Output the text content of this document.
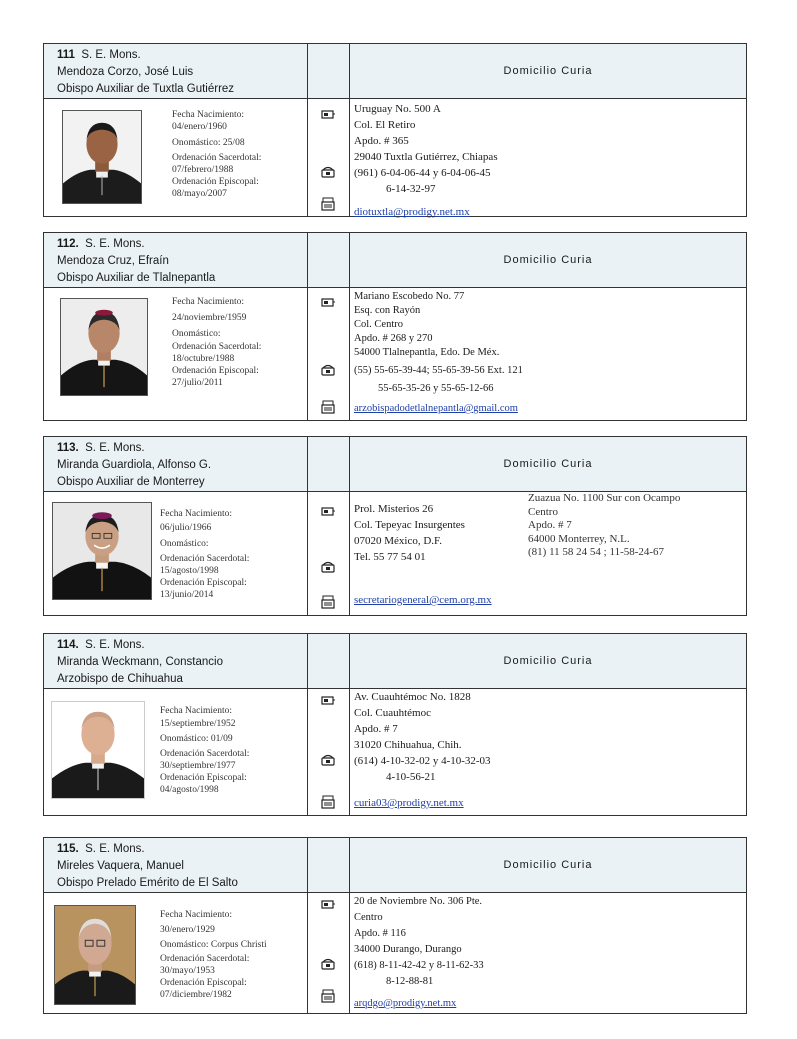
111 S. E. Mons.
Mendoza Corzo, José Luis
Obispo Auxiliar de Tuxtla Gutiérrez
Domicilio Curia
Fecha Nacimiento:
04/enero/1960
Onomástico: 25/08
Ordenación Sacerdotal:
07/febrero/1988
Ordenación Episcopal:
08/mayo/2007
Uruguay No. 500 A
Col. El Retiro
Apdo. # 365
29040 Tuxtla Gutiérrez, Chiapas
(961) 6-04-06-44 y 6-04-06-45
6-14-32-97
diotuxtla@prodigy.net.mx
112. S. E. Mons.
Mendoza Cruz, Efraín
Obispo Auxiliar de Tlalnepantla
Domicilio Curia
Fecha Nacimiento:
24/noviembre/1959
Onomástico:
Ordenación Sacerdotal:
18/octubre/1988
Ordenación Episcopal:
27/julio/2011
Mariano Escobedo No. 77
Esq. con Rayón
Col. Centro
Apdo. # 268 y 270
54000 Tlalnepantla, Edo. De Méx.
(55) 55-65-39-44; 55-65-39-56 Ext. 121
55-65-35-26 y 55-65-12-66
arzobispadodetlalnepantla@gmail.com
113. S. E. Mons.
Miranda Guardiola, Alfonso G.
Obispo Auxiliar de Monterrey
Domicilio Curia
Fecha Nacimiento:
06/julio/1966
Onomástico:
Ordenación Sacerdotal:
15/agosto/1998
Ordenación Episcopal:
13/junio/2014
Prol. Misterios 26
Col. Tepeyac Insurgentes
07020 México, D.F.
Tel. 55 77 54 01
secretariogeneral@cem.org.mx
Zuazua No. 1100 Sur con Ocampo
Centro
Apdo. # 7
64000 Monterrey, N.L.
(81) 11 58 24 54 ; 11-58-24-67
114. S. E. Mons.
Miranda Weckmann, Constancio
Arzobispo de Chihuahua
Domicilio Curia
Fecha Nacimiento:
15/septiembre/1952
Onomástico: 01/09
Ordenación Sacerdotal:
30/septiembre/1977
Ordenación Episcopal:
04/agosto/1998
Av. Cuauhtémoc No. 1828
Col. Cuauhtémoc
Apdo. # 7
31020 Chihuahua, Chih.
(614) 4-10-32-02 y 4-10-32-03
4-10-56-21
curia03@prodigy.net.mx
115. S. E. Mons.
Mireles Vaquera, Manuel
Obispo Prelado Emérito de El Salto
Domicilio Curia
Fecha Nacimiento:
30/enero/1929
Onomástico: Corpus Christi
Ordenación Sacerdotal:
30/mayo/1953
Ordenación Episcopal:
07/diciembre/1982
20 de Noviembre No. 306 Pte.
Centro
Apdo. # 116
34000 Durango, Durango
(618) 8-11-42-42 y 8-11-62-33
8-12-88-81
arqdgo@prodigy.net.mx
